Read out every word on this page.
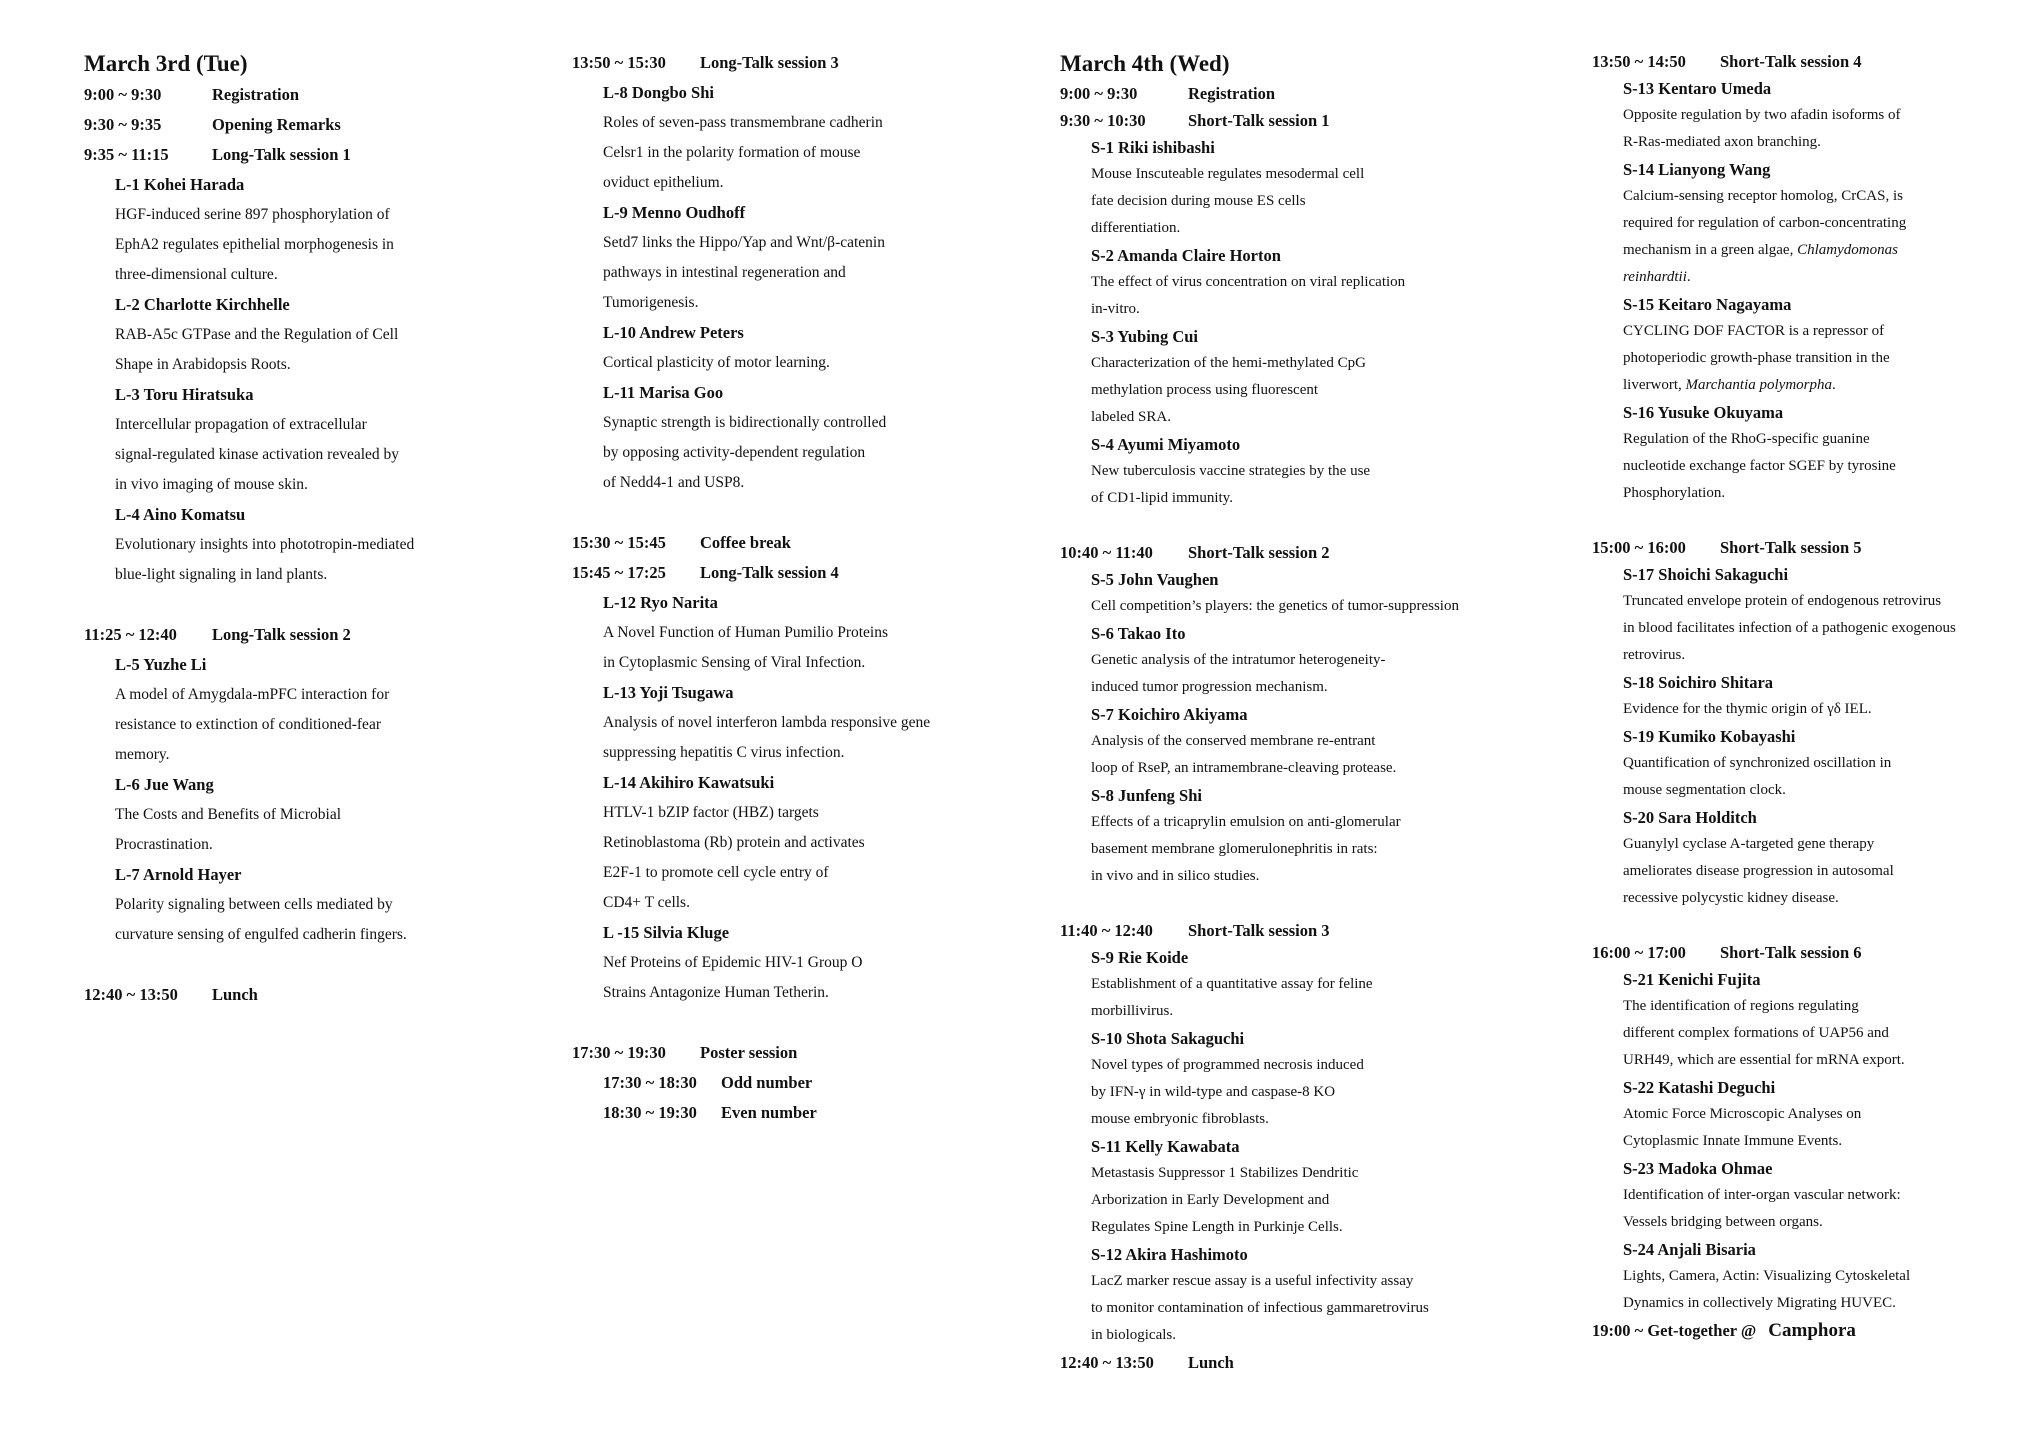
March 3rd (Tue)
9:00 ~ 9:30	Registration
9:30 ~ 9:35	Opening Remarks
9:35 ~ 11:15	Long-Talk session 1
L-1 Kohei Harada
HGF-induced serine 897 phosphorylation of
EphA2 regulates epithelial morphogenesis in
three-dimensional culture.
L-2 Charlotte Kirchhelle
RAB-A5c GTPase and the Regulation of Cell
Shape in Arabidopsis Roots.
L-3 Toru Hiratsuka
Intercellular propagation of extracellular
signal-regulated kinase activation revealed by
in vivo imaging of mouse skin.
L-4 Aino Komatsu
Evolutionary insights into phototropin-mediated
blue-light signaling in land plants.
11:25 ~ 12:40	Long-Talk session 2
L-5 Yuzhe Li
A model of Amygdala-mPFC interaction for
resistance to extinction of conditioned-fear
memory.
L-6 Jue Wang
The Costs and Benefits of Microbial
Procrastination.
L-7 Arnold Hayer
Polarity signaling between cells mediated by
curvature sensing of engulfed cadherin fingers.
12:40 ~ 13:50	Lunch
13:50 ~ 15:30	Long-Talk session 3
L-8 Dongbo Shi
Roles of seven-pass transmembrane cadherin
Celsr1 in the polarity formation of mouse
oviduct epithelium.
L-9 Menno Oudhoff
Setd7 links the Hippo/Yap and Wnt/β-catenin
pathways in intestinal regeneration and
Tumorigenesis.
L-10 Andrew Peters
Cortical plasticity of motor learning.
L-11 Marisa Goo
Synaptic strength is bidirectionally controlled
by opposing activity-dependent regulation
of Nedd4-1 and USP8.
15:30 ~ 15:45	Coffee break
15:45 ~ 17:25	Long-Talk session 4
L-12 Ryo Narita
A Novel Function of Human Pumilio Proteins
in Cytoplasmic Sensing of Viral Infection.
L-13 Yoji Tsugawa
Analysis of novel interferon lambda responsive gene
suppressing hepatitis C virus infection.
L-14 Akihiro Kawatsuki
HTLV-1 bZIP factor (HBZ) targets
Retinoblastoma (Rb) protein and activates
E2F-1 to promote cell cycle entry of
CD4+ T cells.
L -15 Silvia Kluge
Nef Proteins of Epidemic HIV-1 Group O
Strains Antagonize Human Tetherin.
17:30 ~ 19:30	Poster session
17:30 ~ 18:30	Odd number
18:30 ~ 19:30	Even number
March 4th (Wed)
9:00 ~ 9:30	Registration
9:30 ~ 10:30	Short-Talk session 1
S-1 Riki ishibashi
Mouse Inscuteable regulates mesodermal cell
fate decision during mouse ES cells
differentiation.
S-2 Amanda Claire Horton
The effect of virus concentration on viral replication
in-vitro.
S-3 Yubing Cui
Characterization of the hemi-methylated CpG
methylation process using fluorescent
labeled SRA.
S-4 Ayumi Miyamoto
New tuberculosis vaccine strategies by the use
of CD1-lipid immunity.
10:40 ~ 11:40	Short-Talk session 2
S-5 John Vaughen
Cell competition’s players: the genetics of tumor-suppression
S-6 Takao Ito
Genetic analysis of the intratumor heterogeneity-
induced tumor progression mechanism.
S-7 Koichiro Akiyama
Analysis of the conserved membrane re-entrant
loop of RseP, an intramembrane-cleaving protease.
S-8 Junfeng Shi
Effects of a tricaprylin emulsion on anti-glomerular
basement membrane glomerulonephritis in rats:
in vivo and in silico studies.
11:40 ~ 12:40	Short-Talk session 3
S-9 Rie Koide
Establishment of a quantitative assay for feline
morbillivirus.
S-10 Shota Sakaguchi
Novel types of programmed necrosis induced
by IFN-γ in wild-type and caspase-8 KO
mouse embryonic fibroblasts.
S-11 Kelly Kawabata
Metastasis Suppressor 1 Stabilizes Dendritic
Arborization in Early Development and
Regulates Spine Length in Purkinje Cells.
S-12 Akira Hashimoto
LacZ marker rescue assay is a useful infectivity assay
to monitor contamination of infectious gammaretrovirus
in biologicals.
12:40 ~ 13:50	Lunch
13:50 ~ 14:50	Short-Talk session 4
S-13 Kentaro Umeda
Opposite regulation by two afadin isoforms of
R-Ras-mediated axon branching.
S-14 Lianyong Wang
Calcium-sensing receptor homolog, CrCAS, is
required for regulation of carbon-concentrating
mechanism in a green algae, Chlamydomonas
reinhardtii.
S-15 Keitaro Nagayama
CYCLING DOF FACTOR is a repressor of
photoperiodic growth-phase transition in the
liverwort, Marchantia polymorpha.
S-16 Yusuke Okuyama
Regulation of the RhoG-specific guanine
nucleotide exchange factor SGEF by tyrosine
Phosphorylation.
15:00 ~ 16:00	Short-Talk session 5
S-17 Shoichi Sakaguchi
Truncated envelope protein of endogenous retrovirus
in blood facilitates infection of a pathogenic exogenous
retrovirus.
S-18 Soichiro Shitara
Evidence for the thymic origin of γδ IEL.
S-19 Kumiko Kobayashi
Quantification of synchronized oscillation in
mouse segmentation clock.
S-20 Sara Holditch
Guanylyl cyclase A-targeted gene therapy
ameliorates disease progression in autosomal
recessive polycystic kidney disease.
16:00 ~ 17:00	Short-Talk session 6
S-21 Kenichi Fujita
The identification of regions regulating
different complex formations of UAP56 and
URH49, which are essential for mRNA export.
S-22 Katashi Deguchi
Atomic Force Microscopic Analyses on
Cytoplasmic Innate Immune Events.
S-23 Madoka Ohmae
Identification of inter-organ vascular network:
Vessels bridging between organs.
S-24 Anjali Bisaria
Lights, Camera, Actin: Visualizing Cytoskeletal
Dynamics in collectively Migrating HUVEC.
19:00 ~ Get-together @ Camphora
